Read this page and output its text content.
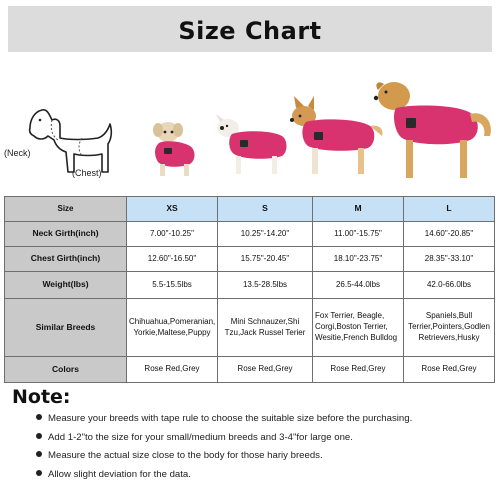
Size Chart
(Neck)
(Chest)
Size	XS	S	M	L
Neck Girth(inch)	7.00"-10.25"	10.25"-14.20"	11.00"-15.75"	14.60"-20.85"
Chest Girth(inch)	12.60"-16.50"	15.75"-20.45"	18.10"-23.75"	28.35"-33.10"
Weight(lbs)	5.5-15.5lbs	13.5-28.5lbs	26.5-44.0lbs	42.0-66.0lbs
Similar Breeds	Chihuahua,Pomeranian,
Yorkie,Maltese,Puppy	Mini Schnauzer,Shi
Tzu,Jack Russel Terier	Fox Terrier, Beagle,
Corgi,Boston Terrier,
Wesitie,French Bulldog	Spaniels,Bull
Terrier,Pointers,Godlen
Retrievers,Husky
Colors	Rose Red,Grey	Rose Red,Grey	Rose Red,Grey	Rose Red,Grey
Note:
Measure your breeds with tape rule to choose the suitable size before the purchasing.
Add 1-2"to the size for your small/medium breeds and 3-4"for large one.
Measure the actual size close to the body for those hariy breeds.
Allow slight deviation for the data.
